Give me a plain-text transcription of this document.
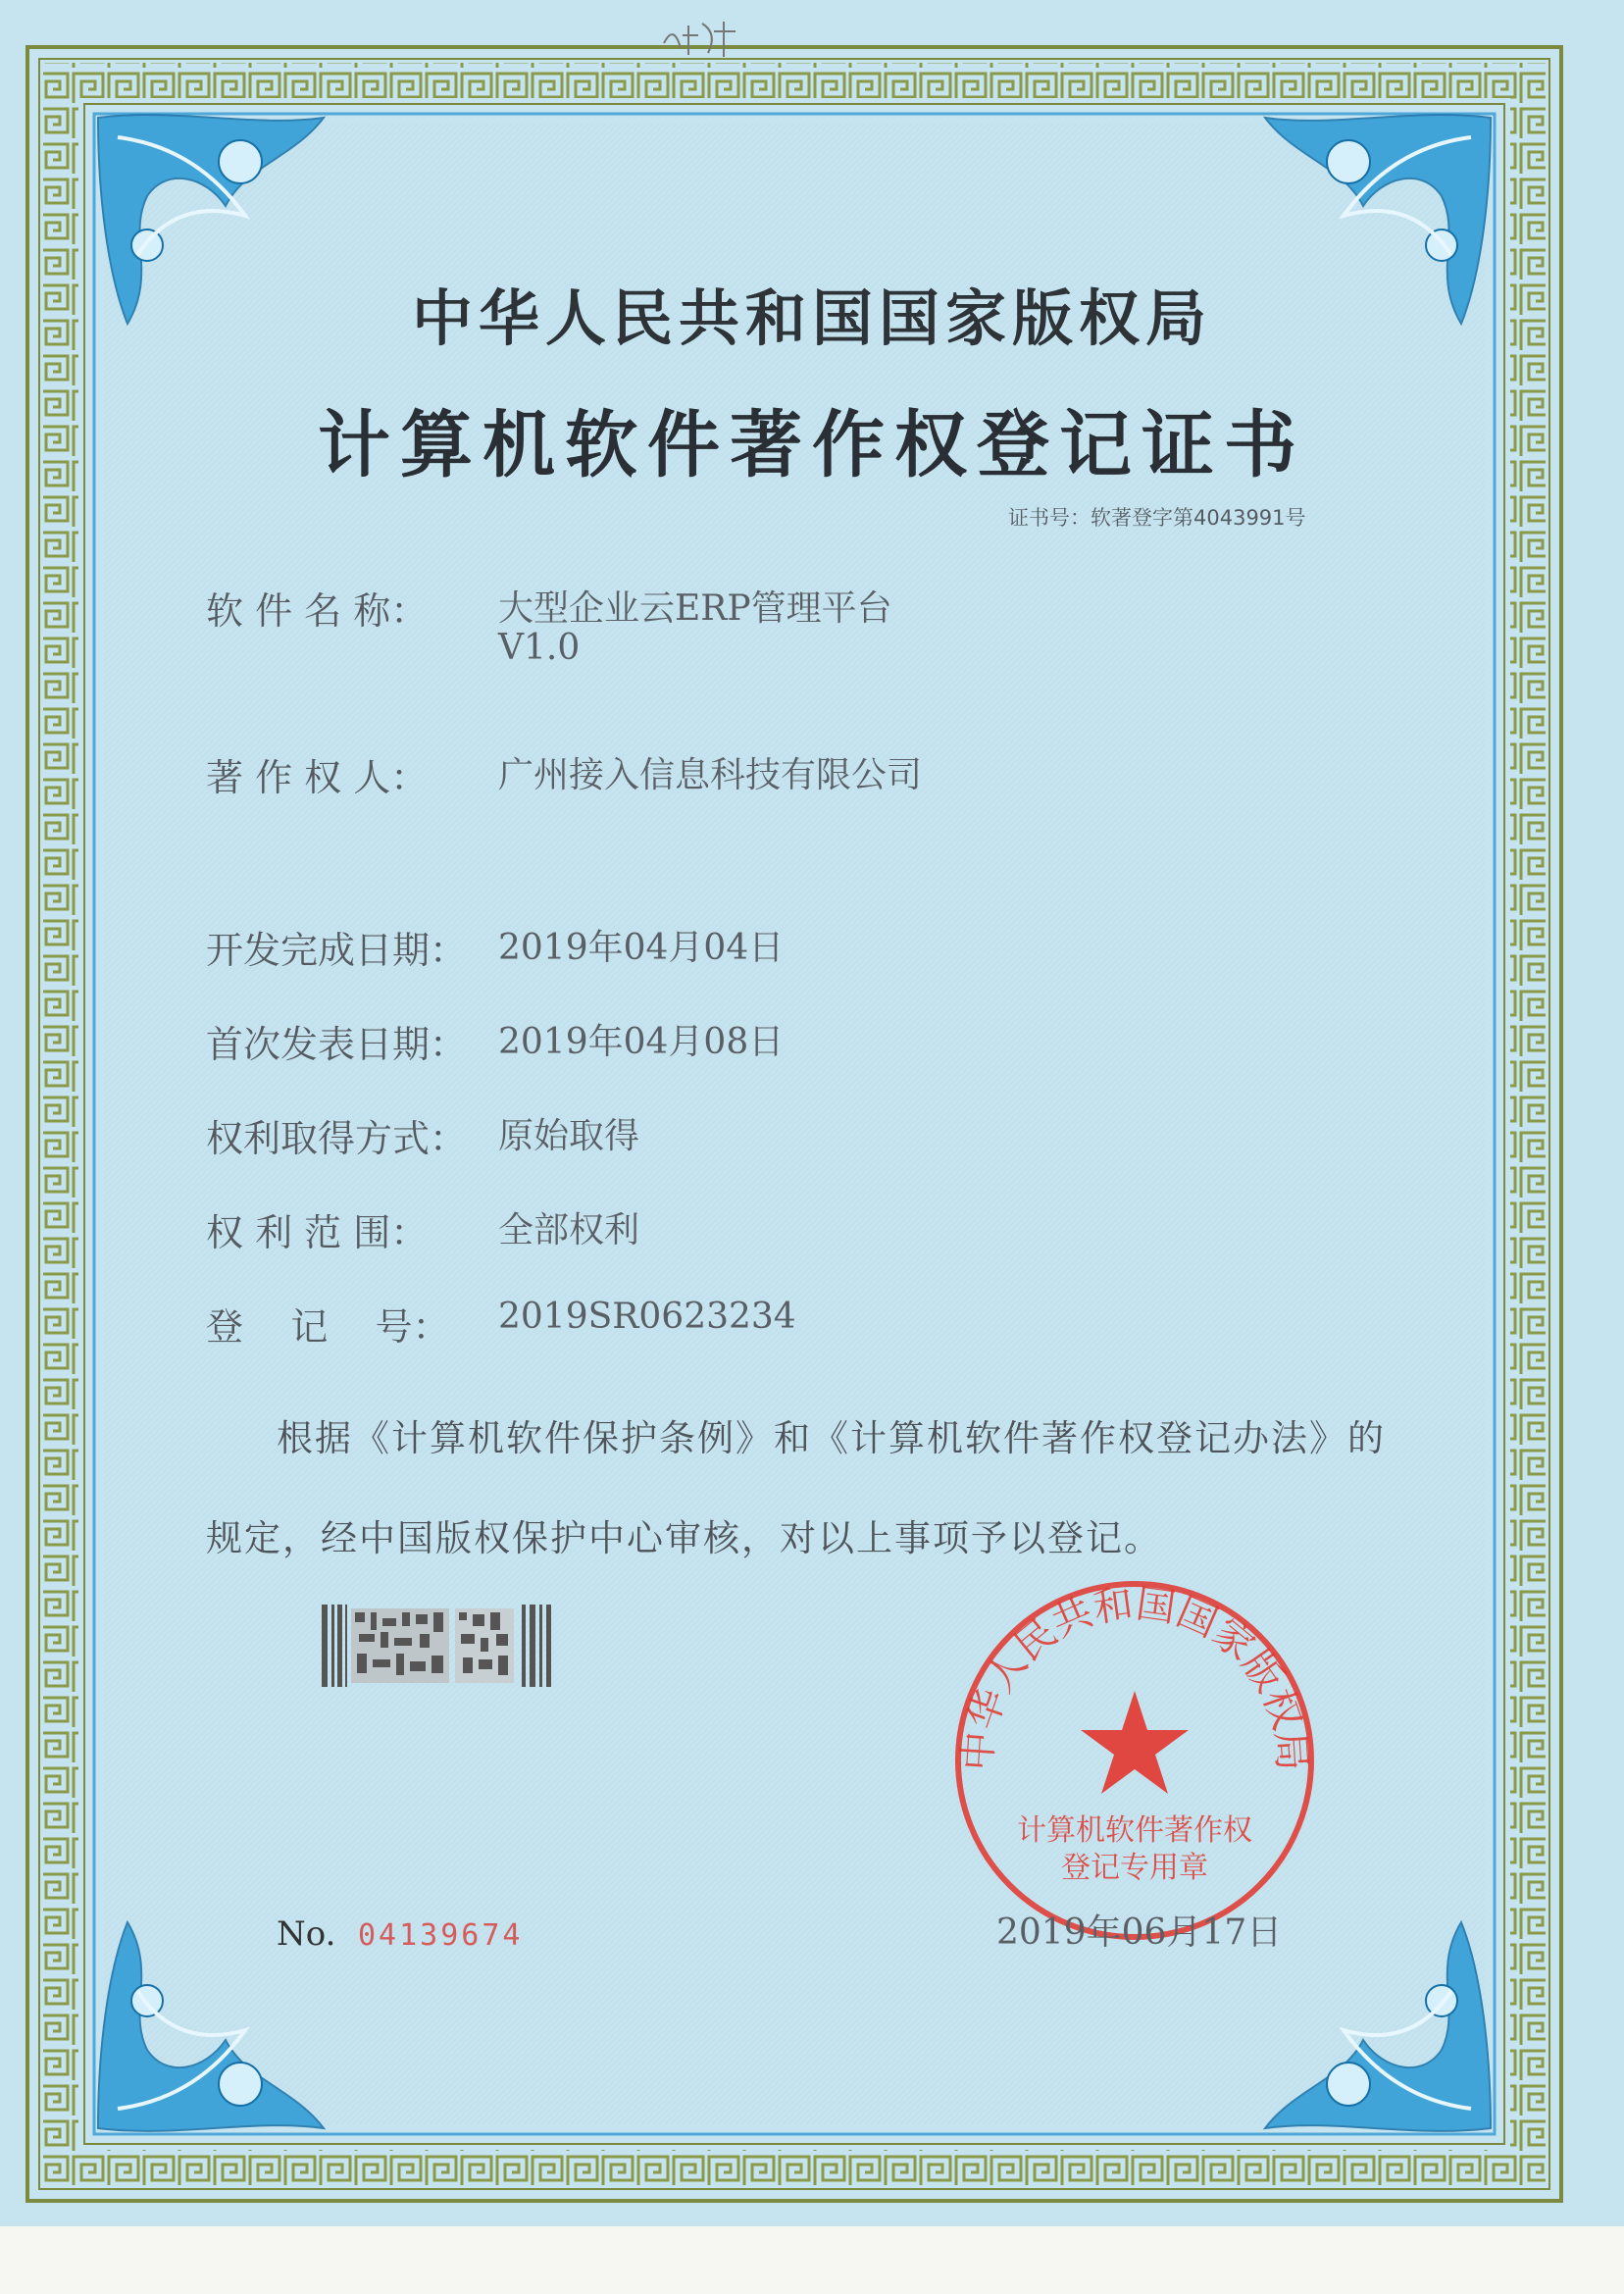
中华人民共和国国家版权局
计算机软件著作权登记证书
证书号：软著登字第4043991号
软 件 名 称： 大型企业云ERP管理平台
V1.0
著 作 权 人： 广州接入信息科技有限公司
开发完成日期： 2019年04月04日
首次发表日期： 2019年04月08日
权利取得方式： 原始取得
权 利 范 围： 全部权利
登    记    号： 2019SR0623234
根据《计算机软件保护条例》和《计算机软件著作权登记办法》的
规定，经中国版权保护中心审核，对以上事项予以登记。
中华人民共和国国家版权局
计算机软件著作权
登记专用章
No. 04139674	2019年06月17日
